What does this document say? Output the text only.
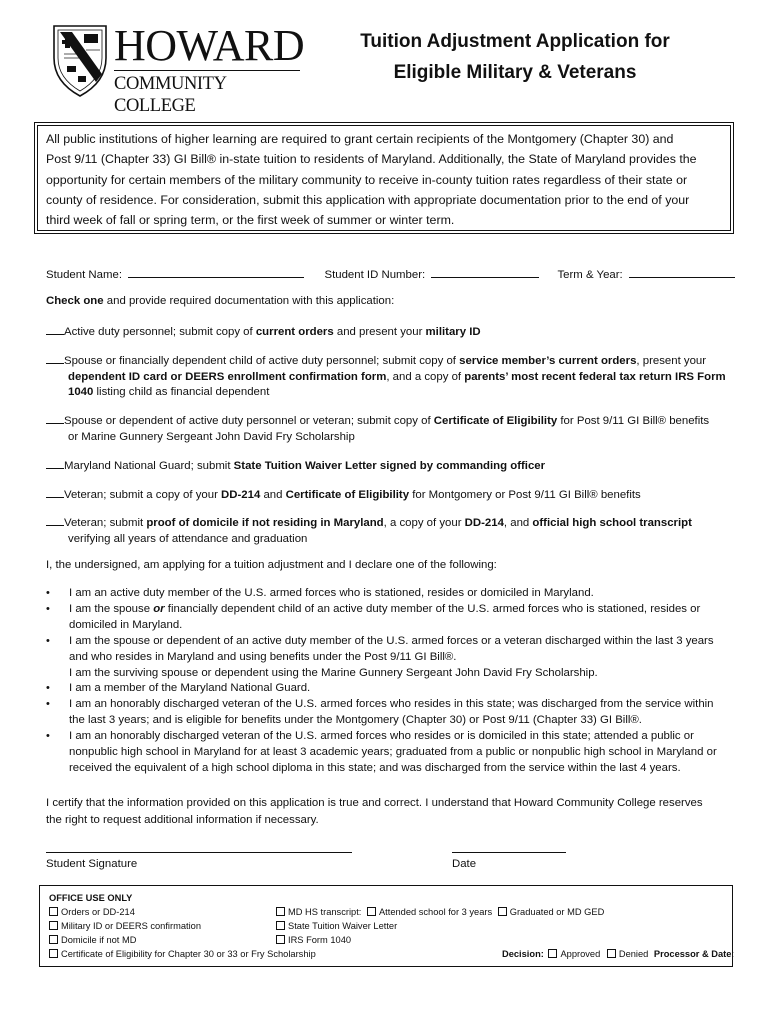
HOWARD
COMMUNITY COLLEGE
Tuition Adjustment Application for
Eligible Military & Veterans
All public institutions of higher learning are required to grant certain recipients of the Montgomery (Chapter 30) and
Post 9/11 (Chapter 33) GI Bill® in-state tuition to residents of Maryland. Additionally, the State of Maryland provides the
opportunity for certain members of the military community to receive in-county tuition rates regardless of their state or
county of residence. For consideration, submit this application with appropriate documentation prior to the end of your
third week of fall or spring term, or the first week of summer or winter term.
Student Name:	Student ID Number:	Term & Year:
Check one and provide required documentation with this application:
Active duty personnel; submit copy of current orders and present your military ID
Spouse or financially dependent child of active duty personnel; submit copy of service member’s current orders, present your
dependent ID card or DEERS enrollment confirmation form, and a copy of parents’ most recent federal tax return IRS Form
1040 listing child as financial dependent
Spouse or dependent of active duty personnel or veteran; submit copy of Certificate of Eligibility for Post 9/11 GI Bill® benefits
or Marine Gunnery Sergeant John David Fry Scholarship
Maryland National Guard; submit State Tuition Waiver Letter signed by commanding officer
Veteran; submit a copy of your DD-214 and Certificate of Eligibility for Montgomery or Post 9/11 GI Bill® benefits
Veteran; submit proof of domicile if not residing in Maryland, a copy of your DD-214, and official high school transcript
verifying all years of attendance and graduation
I, the undersigned, am applying for a tuition adjustment and I declare one of the following:
• I am an active duty member of the U.S. armed forces who is stationed, resides or domiciled in Maryland.
• I am the spouse or financially dependent child of an active duty member of the U.S. armed forces who is stationed, resides or domiciled in Maryland.
• I am the spouse or dependent of an active duty member of the U.S. armed forces or a veteran discharged within the last 3 years and who resides in Maryland and using benefits under the Post 9/11 GI Bill®.
I am the surviving spouse or dependent using the Marine Gunnery Sergeant John David Fry Scholarship.
• I am a member of the Maryland National Guard.
• I am an honorably discharged veteran of the U.S. armed forces who resides in this state; was discharged from the service within the last 3 years; and is eligible for benefits under the Montgomery (Chapter 30) or Post 9/11 (Chapter 33) GI Bill®.
• I am an honorably discharged veteran of the U.S. armed forces who resides or is domiciled in this state; attended a public or nonpublic high school in Maryland for at least 3 academic years; graduated from a public or nonpublic high school in Maryland or received the equivalent of a high school diploma in this state; and was discharged from the service within the last 4 years.
I certify that the information provided on this application is true and correct. I understand that Howard Community College reserves
the right to request additional information if necessary.
Student Signature	Date
OFFICE USE ONLY
Orders or DD-214
Military ID or DEERS confirmation
Domicile if not MD
Certificate of Eligibility for Chapter 30 or 33 or Fry Scholarship
MD HS transcript: Attended school for 3 years Graduated or MD GED
State Tuition Waiver Letter
IRS Form 1040
Decision: Approved Denied Processor & Date:
